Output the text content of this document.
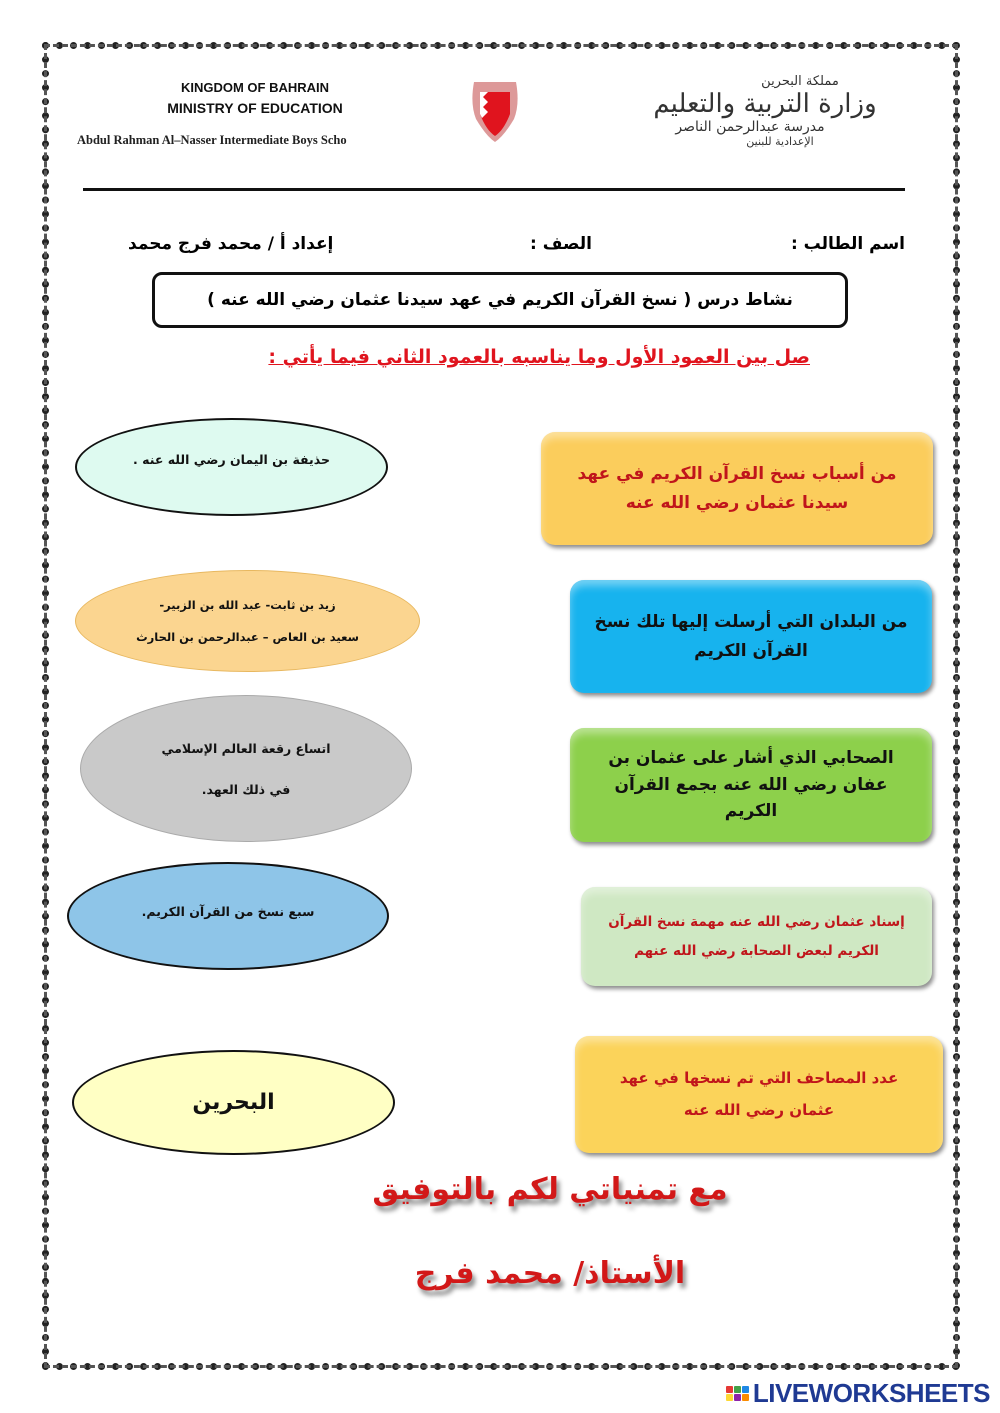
KINGDOM OF BAHRAIN
MINISTRY OF EDUCATION
Abdul Rahman Al–Nasser Intermediate Boys Scho
مملكة البحرين
وزارة التربية والتعليم
مدرسة عبدالرحمن الناصر
الإعدادية للبنين
اسم الطالب :
الصف :
إعداد أ / محمد فرج محمد
نشاط درس ( نسخ القرآن الكريم في عهد سيدنا عثمان رضي الله عنه )
صل بين العمود الأول وما يناسبه بالعمود الثاني فيما يأتي :
حذيفة بن اليمان رضي الله عنه .
زيد بن ثابت- عبد الله بن الزبير-
سعيد بن العاص – عبدالرحمن بن الحارث
اتساع رقعة العالم الإسلامي
في ذلك العهد.
سبع نسخ من القرآن الكريم.
البحرين
من أسباب نسخ القرآن الكريم في عهد
سيدنا عثمان رضي الله عنه
من البلدان التي أرسلت إليها تلك نسخ
القرآن الكريم
الصحابي الذي أشار على عثمان بن
عفان رضي الله عنه بجمع القرآن الكريم
إسناد عثمان رضي الله عنه مهمة نسخ القرآن
الكريم لبعض الصحابة رضي الله عنهم
عدد المصاحف التي تم نسخها في عهد
عثمان رضي الله عنه
مع تمنياتي لكم بالتوفيق
الأستاذ/ محمد فرج
LIVEWORKSHEETS
